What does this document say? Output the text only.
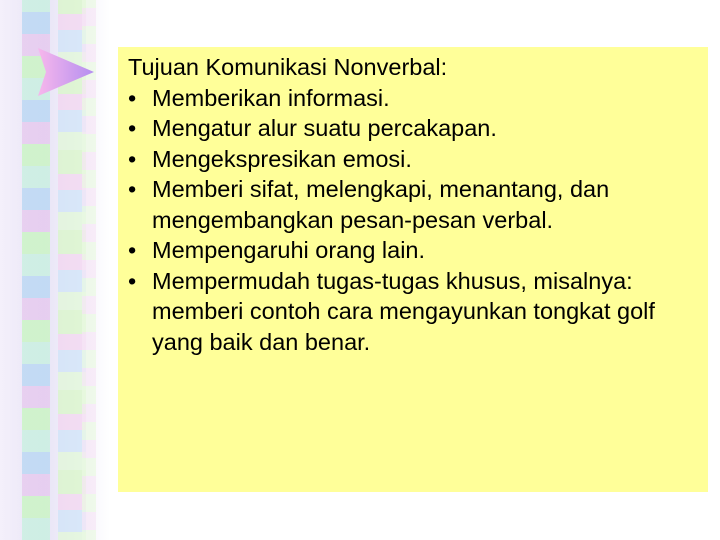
Tujuan Komunikasi Nonverbal:
• Memberikan informasi.
• Mengatur alur suatu percakapan.
• Mengekspresikan emosi.
• Memberi sifat, melengkapi, menantang, dan mengembangkan pesan-pesan verbal.
• Mempengaruhi orang lain.
• Mempermudah tugas-tugas khusus, misalnya: memberi contoh cara mengayunkan tongkat golf yang baik dan benar.
